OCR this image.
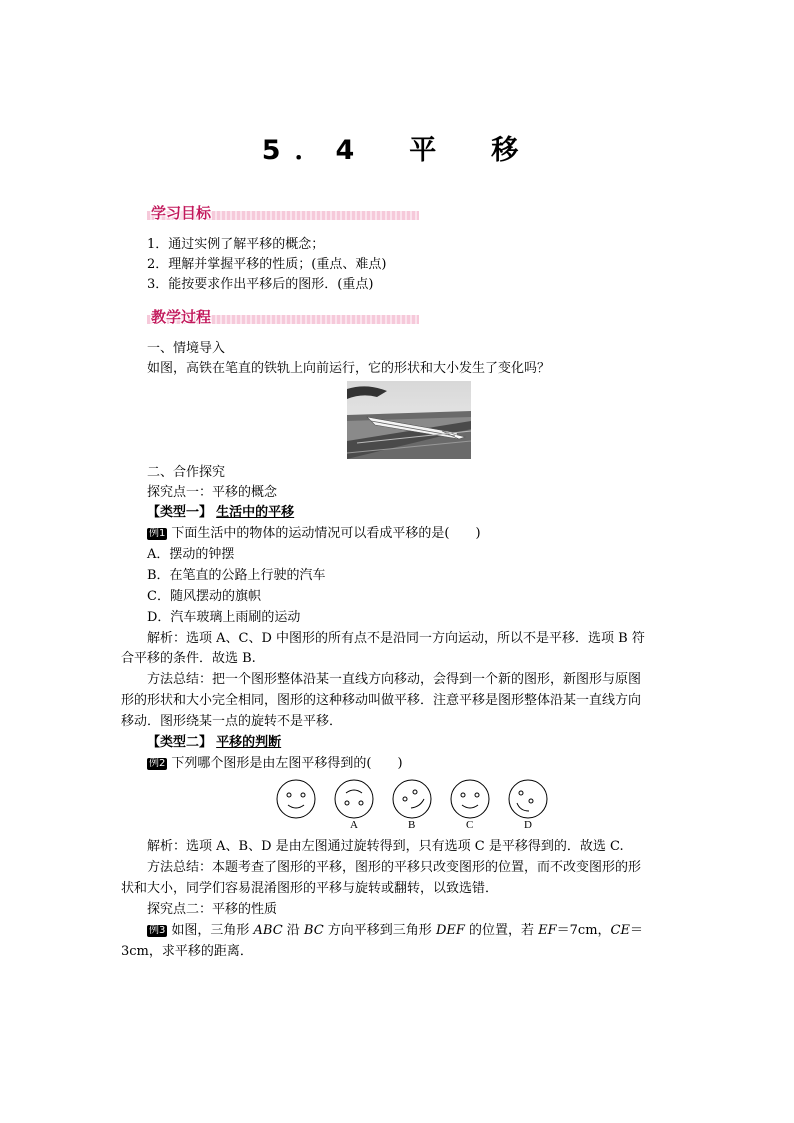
5．4　平　移
学习目标
1．通过实例了解平移的概念；
2．理解并掌握平移的性质；(重点、难点)
3．能按要求作出平移后的图形．(重点)
教学过程
一、情境导入
如图，高铁在笔直的铁轨上向前运行，它的形状和大小发生了变化吗？
二、合作探究
探究点一：平移的概念
【类型一】 生活中的平移
例1 下面生活中的物体的运动情况可以看成平移的是(　　)
A．摆动的钟摆
B．在笔直的公路上行驶的汽车
C．随风摆动的旗帜
D．汽车玻璃上雨刷的运动
解析：选项 A、C、D 中图形的所有点不是沿同一方向运动，所以不是平移．选项 B 符
合平移的条件．故选 B.
方法总结：把一个图形整体沿某一直线方向移动，会得到一个新的图形，新图形与原图
形的形状和大小完全相同，图形的这种移动叫做平移．注意平移是图形整体沿某一直线方向
移动．图形绕某一点的旋转不是平移．
【类型二】 平移的判断
例2 下列哪个图形是由左图平移得到的(　　)
A	B	C	D
解析：选项 A、B、D 是由左图通过旋转得到，只有选项 C 是平移得到的．故选 C.
方法总结：本题考查了图形的平移，图形的平移只改变图形的位置，而不改变图形的形
状和大小，同学们容易混淆图形的平移与旋转或翻转，以致选错．
探究点二：平移的性质
例3 如图，三角形 ABC 沿 BC 方向平移到三角形 DEF 的位置，若 EF＝7cm，CE＝
3cm，求平移的距离．
